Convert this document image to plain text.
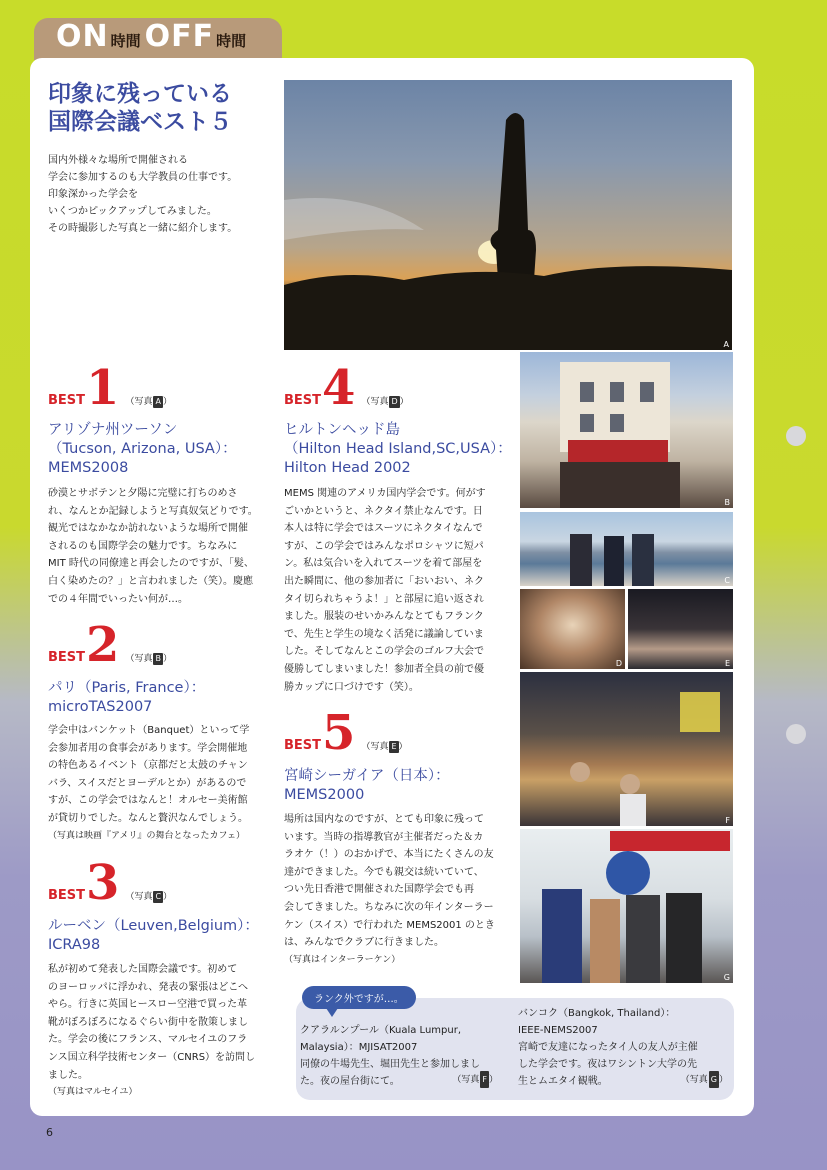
ON 時間 OFF 時間
6
印象に残っている
国際会議ベスト５
国内外様々な場所で開催される
学会に参加するのも大学教員の仕事です。
印象深かった学会を
いくつかピックアップしてみました。
その時撮影した写真と一緒に紹介します。
A
B
C
D	E
F
G
BEST 1 （写真 A ）
アリゾナ州ツーソン
（Tucson, Arizona, USA）：
MEMS2008
砂漠とサボテンと夕陽に完璧に打ちのめさ
れ、なんとか記録しようと写真奴気どりです。
観光ではなかなか訪れないような場所で開催
されるのも国際学会の魅力です。ちなみに
MIT 時代の同僚達と再会したのですが、「髪、
白く染めたの？」と言われました（笑）。慶應
での４年間でいったい何が…。
BEST 2 （写真 B ）
パリ（Paris, France）：
microTAS2007
学会中はバンケット（Banquet）といって学
会参加者用の食事会があります。学会開催地
の特色あるイベント（京都だと太鼓のチャン
バラ、スイスだとヨーデルとか）があるので
すが、この学会ではなんと！オルセー美術館
が貸切りでした。なんと贅沢なんでしょう。
（写真は映画『アメリ』の舞台となったカフェ）
BEST 3 （写真 C ）
ルーベン（Leuven,Belgium）：
ICRA98
私が初めて発表した国際会議です。初めて
のヨーロッパに浮かれ、発表の緊張はどこへ
やら。行きに英国ヒースロー空港で買った革
靴がぼろぼろになるぐらい街中を散策しまし
た。学会の後にフランス、マルセイユのフラ
ンス国立科学技術センター（CNRS）を訪問し
ました。
（写真はマルセイユ）
BEST 4 （写真 D ）
ヒルトンヘッド島
（Hilton Head Island,SC,USA）：
Hilton Head 2002
MEMS 関連のアメリカ国内学会です。何がす
ごいかというと、ネクタイ禁止なんです。日
本人は特に学会ではスーツにネクタイなんで
すが、この学会ではみんなポロシャツに短パ
ン。私は気合いを入れてスーツを着て部屋を
出た瞬間に、他の参加者に「おいおい、ネク
タイ切られちゃうよ！」と部屋に追い返され
ました。服装のせいかみんなとてもフランク
で、先生と学生の境なく活発に議論していま
した。そしてなんとこの学会のゴルフ大会で
優勝してしまいました！参加者全員の前で優
勝カップに口づけです（笑）。
BEST 5 （写真 E ）
宮崎シーガイア（日本）：
MEMS2000
場所は国内なのですが、とても印象に残って
います。当時の指導教官が主催者だった＆カ
ラオケ（！）のおかげで、本当にたくさんの友
達ができました。今でも親交は続いていて、
つい先日香港で開催された国際学会でも再
会してきました。ちなみに次の年インターラー
ケン（スイス）で行われた MEMS2001 のとき
は、みんなでクラブに行きました。
（写真はインターラーケン）
ランク外ですが…。
クアラルンプール（Kuala Lumpur,
Malaysia）：MJISAT2007
同僚の牛場先生、堀田先生と参加しまし
た。夜の屋台街にて。	（写真 F ）
バンコク（Bangkok, Thailand）：
IEEE-NEMS2007
宮崎で友達になったタイ人の友人が主催
した学会です。夜はワシントン大学の先
生とムエタイ観戦。	（写真 G ）
